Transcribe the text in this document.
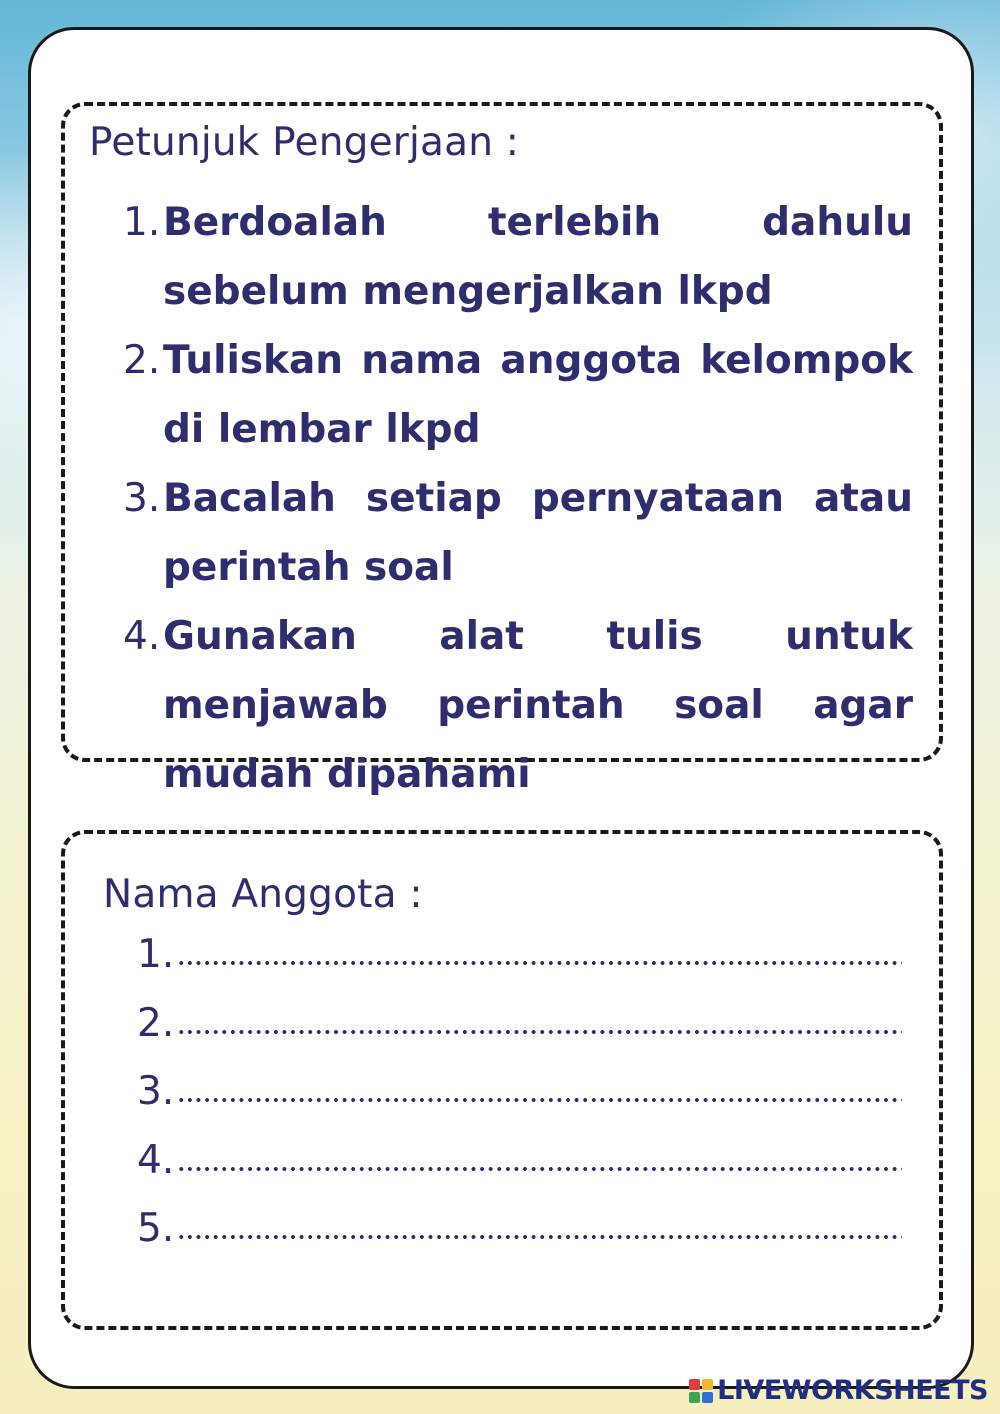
Petunjuk Pengerjaan :
1. Berdoalah terlebih dahulu sebelum mengerjalkan lkpd
2. Tuliskan nama anggota kelompok di lembar lkpd
3. Bacalah setiap pernyataan atau perintah soal
4. Gunakan alat tulis untuk menjawab perintah soal agar mudah dipahami
Nama Anggota :
1.
2.
3.
4.
5.
LIVEWORKSHEETS
